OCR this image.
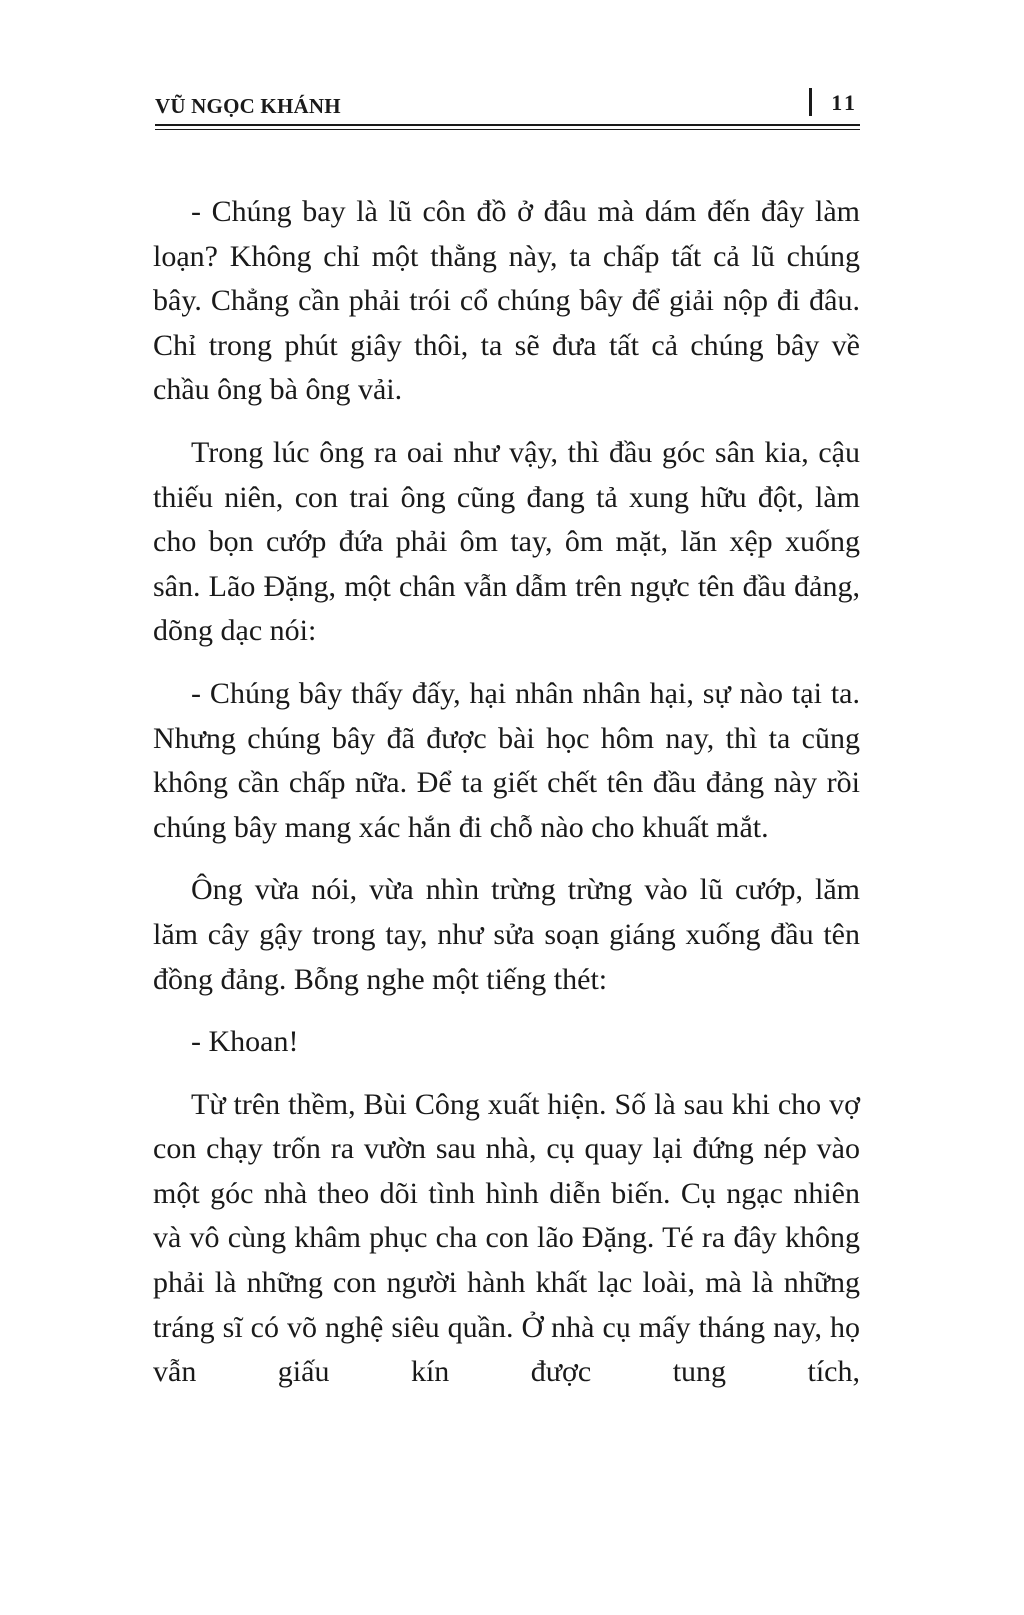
VŨ NGỌC KHÁNH	11

- Chúng bay là lũ côn đồ ở đâu mà dám đến đây làm loạn? Không chỉ một thằng này, ta chấp tất cả lũ chúng bây. Chẳng cần phải trói cổ chúng bây để giải nộp đi đâu. Chỉ trong phút giây thôi, ta sẽ đưa tất cả chúng bây về chầu ông bà ông vải.

Trong lúc ông ra oai như vậy, thì đầu góc sân kia, cậu thiếu niên, con trai ông cũng đang tả xung hữu đột, làm cho bọn cướp đứa phải ôm tay, ôm mặt, lăn xệp xuống sân. Lão Đặng, một chân vẫn dẫm trên ngực tên đầu đảng, dõng dạc nói:

- Chúng bây thấy đấy, hại nhân nhân hại, sự nào tại ta. Nhưng chúng bây đã được bài học hôm nay, thì ta cũng không cần chấp nữa. Để ta giết chết tên đầu đảng này rồi chúng bây mang xác hắn đi chỗ nào cho khuất mắt.

Ông vừa nói, vừa nhìn trừng trừng vào lũ cướp, lăm lăm cây gậy trong tay, như sửa soạn giáng xuống đầu tên đồng đảng. Bỗng nghe một tiếng thét:

- Khoan!

Từ trên thềm, Bùi Công xuất hiện. Số là sau khi cho vợ con chạy trốn ra vườn sau nhà, cụ quay lại đứng nép vào một góc nhà theo dõi tình hình diễn biến. Cụ ngạc nhiên và vô cùng khâm phục cha con lão Đặng. Té ra đây không phải là những con người hành khất lạc loài, mà là những tráng sĩ có võ nghệ siêu quần. Ở nhà cụ mấy tháng nay, họ vẫn giấu kín được tung tích,
